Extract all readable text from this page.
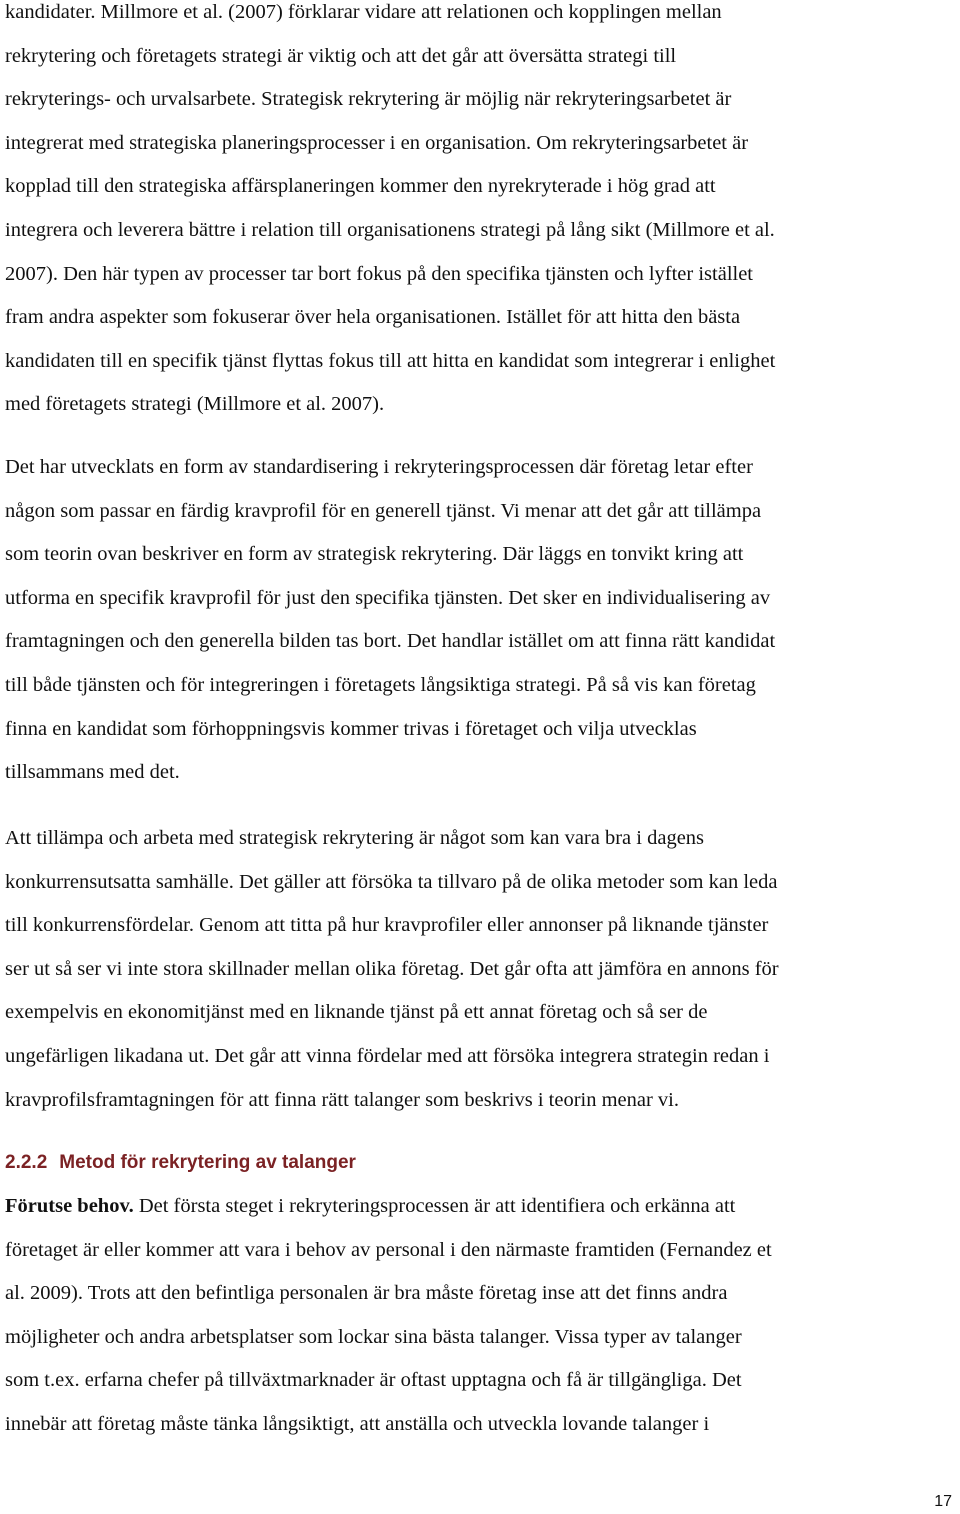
kandidater. Millmore et al. (2007) förklarar vidare att relationen och kopplingen mellan
rekrytering och företagets strategi är viktig och att det går att översätta strategi till
rekryterings- och urvalsarbete. Strategisk rekrytering är möjlig när rekryteringsarbetet är
integrerat med strategiska planeringsprocesser i en organisation. Om rekryteringsarbetet är
kopplad till den strategiska affärsplaneringen kommer den nyrekryterade i hög grad att
integrera och leverera bättre i relation till organisationens strategi på lång sikt (Millmore et al.
2007). Den här typen av processer tar bort fokus på den specifika tjänsten och lyfter istället
fram andra aspekter som fokuserar över hela organisationen. Istället för att hitta den bästa
kandidaten till en specifik tjänst flyttas fokus till att hitta en kandidat som integrerar i enlighet
med företagets strategi (Millmore et al. 2007).

Det har utvecklats en form av standardisering i rekryteringsprocessen där företag letar efter
någon som passar en färdig kravprofil för en generell tjänst. Vi menar att det går att tillämpa
som teorin ovan beskriver en form av strategisk rekrytering. Där läggs en tonvikt kring att
utforma en specifik kravprofil för just den specifika tjänsten. Det sker en individualisering av
framtagningen och den generella bilden tas bort. Det handlar istället om att finna rätt kandidat
till både tjänsten och för integreringen i företagets långsiktiga strategi. På så vis kan företag
finna en kandidat som förhoppningsvis kommer trivas i företaget och vilja utvecklas
tillsammans med det.

Att tillämpa och arbeta med strategisk rekrytering är något som kan vara bra i dagens
konkurrensutsatta samhälle. Det gäller att försöka ta tillvaro på de olika metoder som kan leda
till konkurrensfördelar. Genom att titta på hur kravprofiler eller annonser på liknande tjänster
ser ut så ser vi inte stora skillnader mellan olika företag. Det går ofta att jämföra en annons för
exempelvis en ekonomitjänst med en liknande tjänst på ett annat företag och så ser de
ungefärligen likadana ut. Det går att vinna fördelar med att försöka integrera strategin redan i
kravprofilsframtagningen för att finna rätt talanger som beskrivs i teorin menar vi.

2.2.2 Metod för rekrytering av talanger

Förutse behov. Det första steget i rekryteringsprocessen är att identifiera och erkänna att
företaget är eller kommer att vara i behov av personal i den närmaste framtiden (Fernandez et
al. 2009). Trots att den befintliga personalen är bra måste företag inse att det finns andra
möjligheter och andra arbetsplatser som lockar sina bästa talanger. Vissa typer av talanger
som t.ex. erfarna chefer på tillväxtmarknader är oftast upptagna och få är tillgängliga. Det
innebär att företag måste tänka långsiktigt, att anställa och utveckla lovande talanger i

17
